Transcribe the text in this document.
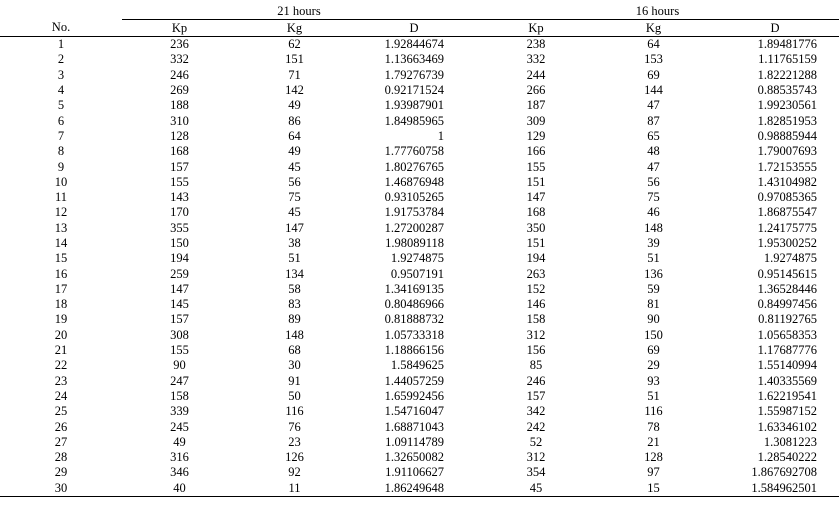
	21 hours			16 hours		
No.	Kp	Kg	D	Kp	Kg	D
1	236	62	1.92844674	238	64	1.89481776
2	332	151	1.13663469	332	153	1.11765159
3	246	71	1.79276739	244	69	1.82221288
4	269	142	0.92171524	266	144	0.88535743
5	188	49	1.93987901	187	47	1.99230561
6	310	86	1.84985965	309	87	1.82851953
7	128	64	1	129	65	0.98885944
8	168	49	1.77760758	166	48	1.79007693
9	157	45	1.80276765	155	47	1.72153555
10	155	56	1.46876948	151	56	1.43104982
11	143	75	0.93105265	147	75	0.97085365
12	170	45	1.91753784	168	46	1.86875547
13	355	147	1.27200287	350	148	1.24175775
14	150	38	1.98089118	151	39	1.95300252
15	194	51	1.9274875	194	51	1.9274875
16	259	134	0.9507191	263	136	0.95145615
17	147	58	1.34169135	152	59	1.36528446
18	145	83	0.80486966	146	81	0.84997456
19	157	89	0.81888732	158	90	0.81192765
20	308	148	1.05733318	312	150	1.05658353
21	155	68	1.18866156	156	69	1.17687776
22	90	30	1.5849625	85	29	1.55140994
23	247	91	1.44057259	246	93	1.40335569
24	158	50	1.65992456	157	51	1.62219541
25	339	116	1.54716047	342	116	1.55987152
26	245	76	1.68871043	242	78	1.63346102
27	49	23	1.09114789	52	21	1.3081223
28	316	126	1.32650082	312	128	1.28540222
29	346	92	1.91106627	354	97	1.867692708
30	40	11	1.86249648	45	15	1.584962501
